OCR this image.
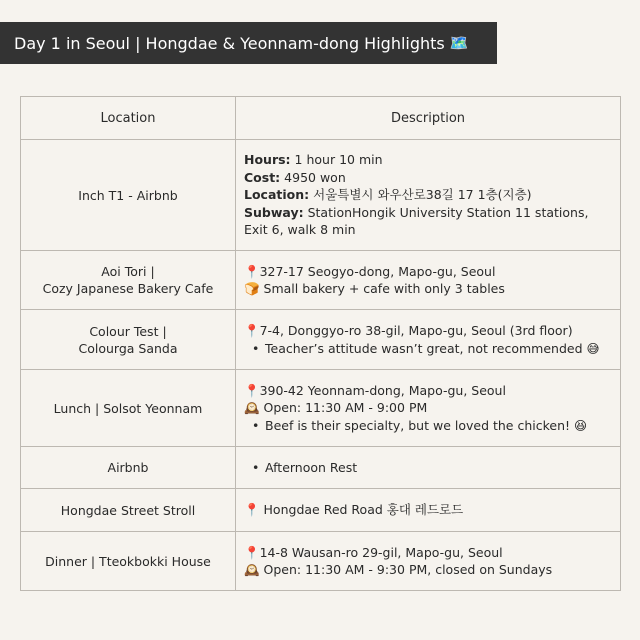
Day 1 in Seoul | Hongdae & Yeonnam-dong Highlights 🗺️
Location	Description

Inch T1 - Airbnb	Hours: 1 hour 10 min
Cost: 4950 won
Location: 서울특별시 와우산로38길 17 1층(지층)
Subway: StationHongik University Station 11 stations, Exit 6, walk 8 min

Aoi Tori |
Cozy Japanese Bakery Cafe	📍327-17 Seogyo-dong, Mapo-gu, Seoul
🍞 Small bakery + cafe with only 3 tables

Colour Test |
Colourga Sanda	📍7-4, Donggyo-ro 38-gil, Mapo-gu, Seoul (3rd floor)
• Teacher’s attitude wasn’t great, not recommended 😅

Lunch | Solsot Yeonnam	📍390-42 Yeonnam-dong, Mapo-gu, Seoul
🕰️ Open: 11:30 AM - 9:00 PM
• Beef is their specialty, but we loved the chicken! 😆

Airbnb	• Afternoon Rest

Hongdae Street Stroll	📍 Hongdae Red Road 홍대 레드로드

Dinner | Tteokbokki House	📍14-8 Wausan-ro 29-gil, Mapo-gu, Seoul
🕰️ Open: 11:30 AM - 9:30 PM, closed on Sundays
